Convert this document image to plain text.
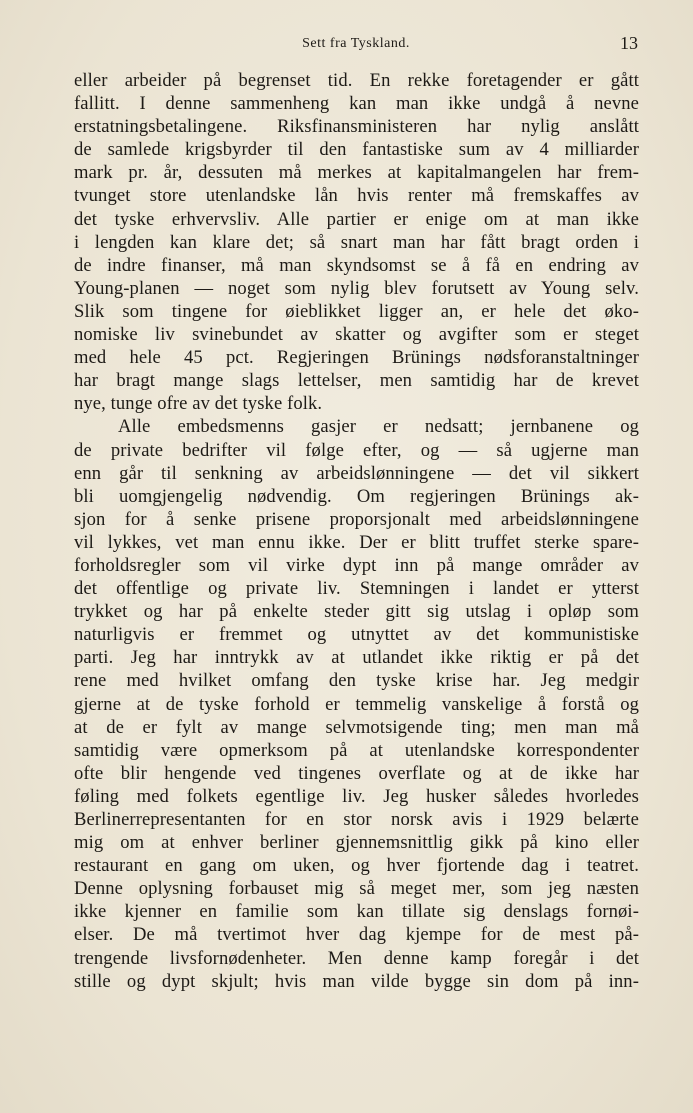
Sett fra Tyskland.	13
eller arbeider på begrenset tid. En rekke foretagender er gått
fallitt. I denne sammenheng kan man ikke undgå å nevne
erstatningsbetalingene. Riksfinansministeren har nylig anslått
de samlede krigsbyrder til den fantastiske sum av 4 milliarder
mark pr. år, dessuten må merkes at kapitalmangelen har frem-
tvunget store utenlandske lån hvis renter må fremskaffes av
det tyske erhvervsliv. Alle partier er enige om at man ikke
i lengden kan klare det; så snart man har fått bragt orden i
de indre finanser, må man skyndsomst se å få en endring av
Young-planen — noget som nylig blev forutsett av Young selv.
Slik som tingene for øieblikket ligger an, er hele det øko-
nomiske liv svinebundet av skatter og avgifter som er steget
med hele 45 pct. Regjeringen Brünings nødsforanstaltninger
har bragt mange slags lettelser, men samtidig har de krevet
nye, tunge ofre av det tyske folk.
Alle embedsmenns gasjer er nedsatt; jernbanene og
de private bedrifter vil følge efter, og — så ugjerne man
enn går til senkning av arbeidslønningene — det vil sikkert
bli uomgjengelig nødvendig. Om regjeringen Brünings ak-
sjon for å senke prisene proporsjonalt med arbeidslønningene
vil lykkes, vet man ennu ikke. Der er blitt truffet sterke spare-
forholdsregler som vil virke dypt inn på mange områder av
det offentlige og private liv. Stemningen i landet er ytterst
trykket og har på enkelte steder gitt sig utslag i opløp som
naturligvis er fremmet og utnyttet av det kommunistiske
parti. Jeg har inntrykk av at utlandet ikke riktig er på det
rene med hvilket omfang den tyske krise har. Jeg medgir
gjerne at de tyske forhold er temmelig vanskelige å forstå og
at de er fylt av mange selvmotsigende ting; men man må
samtidig være opmerksom på at utenlandske korrespondenter
ofte blir hengende ved tingenes overflate og at de ikke har
føling med folkets egentlige liv. Jeg husker således hvorledes
Berlinerrepresentanten for en stor norsk avis i 1929 belærte
mig om at enhver berliner gjennemsnittlig gikk på kino eller
restaurant en gang om uken, og hver fjortende dag i teatret.
Denne oplysning forbauset mig så meget mer, som jeg næsten
ikke kjenner en familie som kan tillate sig denslags fornøi-
elser. De må tvertimot hver dag kjempe for de mest på-
trengende livsfornødenheter. Men denne kamp foregår i det
stille og dypt skjult; hvis man vilde bygge sin dom på inn-
